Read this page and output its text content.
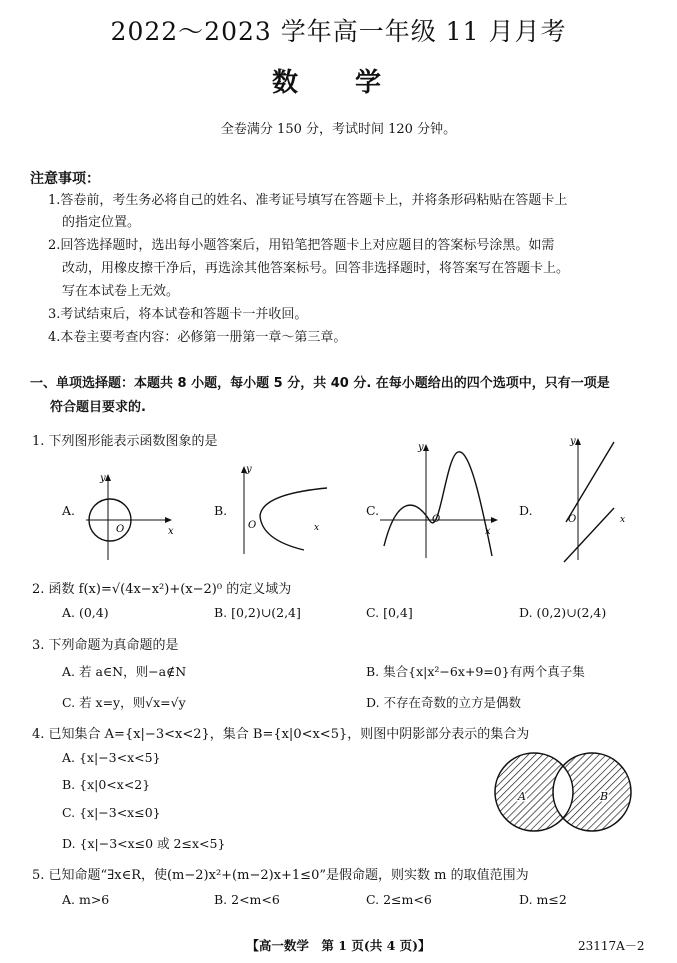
2022～2023 学年高一年级 11 月月考
数 学
全卷满分 150 分，考试时间 120 分钟。
注意事项：
1.答卷前，考生务必将自己的姓名、准考证号填写在答题卡上，并将条形码粘贴在答题卡上
的指定位置。
2.回答选择题时，选出每小题答案后，用铅笔把答题卡上对应题目的答案标号涂黑。如需
改动，用橡皮擦干净后，再选涂其他答案标号。回答非选择题时，将答案写在答题卡上。
写在本试卷上无效。
3.考试结束后，将本试卷和答题卡一并收回。
4.本卷主要考查内容：必修第一册第一章～第三章。
一、单项选择题：本题共 8 小题，每小题 5 分，共 40 分. 在每小题给出的四个选项中，只有一项是
符合题目要求的.
1. 下列图形能表示函数图象的是
A.	B.	C.	D.
x
y
O
y
O	x
y
O
x
y
O	x
2. 函数 f(x)=√(4x−x²)+(x−2)⁰ 的定义域为
A. (0,4)	B. [0,2)∪(2,4]	C. [0,4]	D. (0,2)∪(2,4)
3. 下列命题为真命题的是
A. 若 a∈N，则−a∉N	B. 集合{x|x²−6x+9=0}有两个真子集
C. 若 x=y，则√x=√y	D. 不存在奇数的立方是偶数
4. 已知集合 A={x|−3<x<2}，集合 B={x|0<x<5}，则图中阴影部分表示的集合为
A. {x|−3<x<5}
B. {x|0<x<2}
C. {x|−3<x≤0}
D. {x|−3<x≤0 或 2≤x<5}
A	B
5. 已知命题“∃x∈R，使(m−2)x²+(m−2)x+1≤0”是假命题，则实数 m 的取值范围为
A. m>6	B. 2<m<6	C. 2≤m<6	D. m≤2
【高一数学　第 1 页(共 4 页)】	23117A－2
